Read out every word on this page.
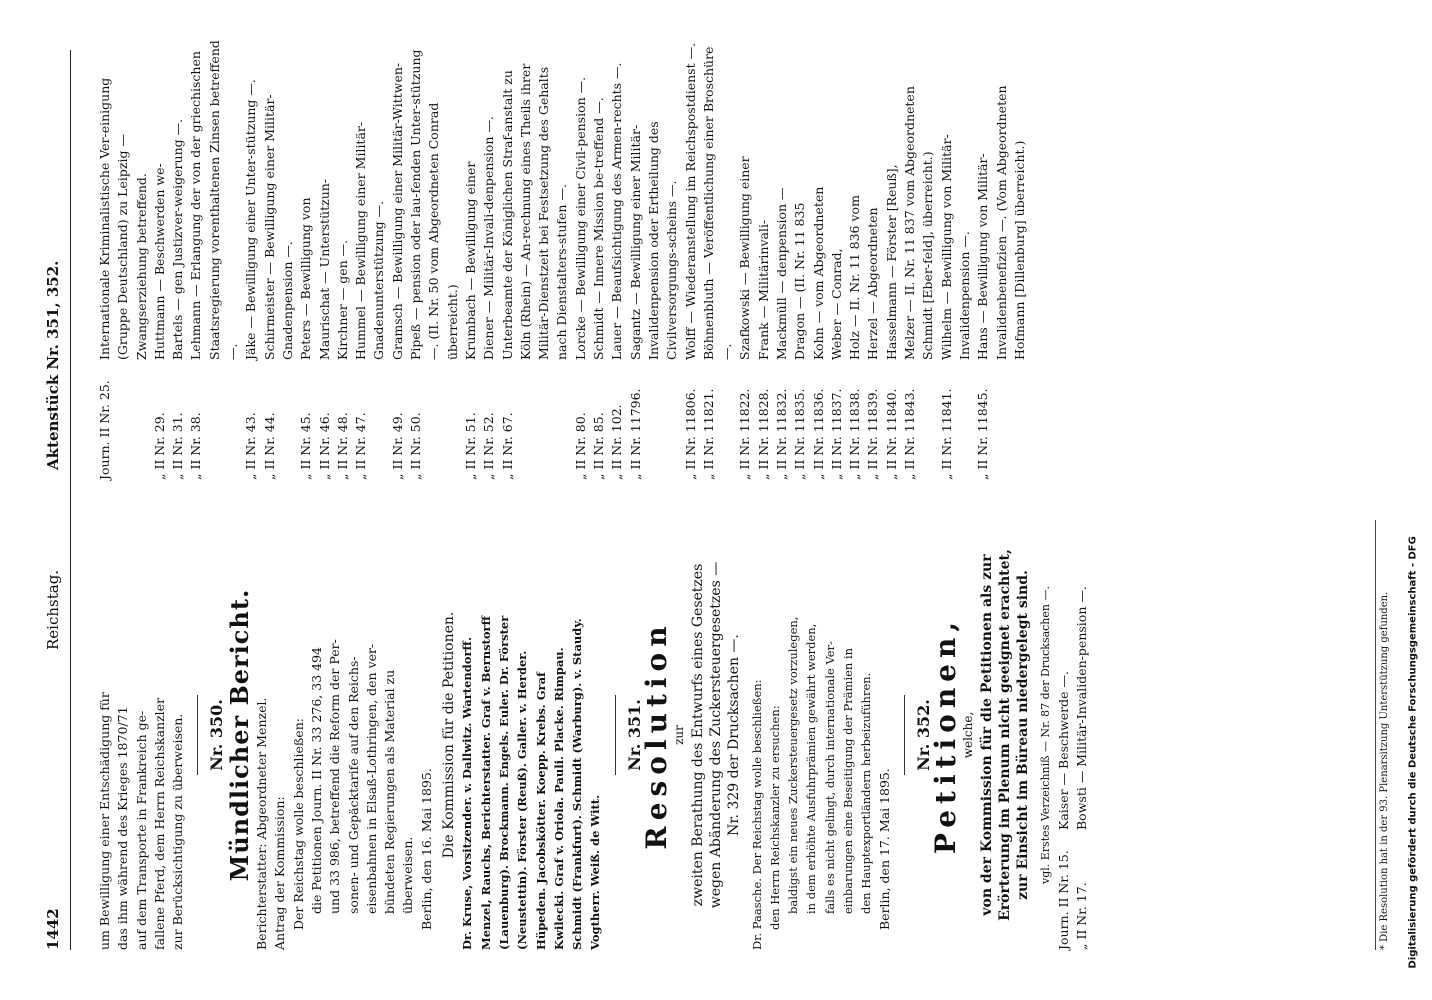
1442
Reichstag.
Aktenstück Nr. 351, 352.
um Bewilligung einer Entschädigung für das ihm während des Krieges 1870/71 auf dem Transporte in Frankreich ge- fallene Pferd, dem Herrn Reichskanzler zur Berücksichtigung zu überweisen. Nr. 350.
Mündlicher Bericht. Berichterstatter: Abgeordneter Menzel. Antrag der Kommission: Der Reichstag wolle beschließen: die Petitionen Journ. II Nr. 33 276, 33 494 und 33 986, betreffend die Reform der Per- sonen- und Gepäcktarife auf den Reichs- eisenbahnen in Elsaß-Lothringen, den ver- bündeten Regierungen als Material zu überweisen. Berlin, den 16. Mai 1895. Die Kommission für die Petitionen. Dr. Kruse, Vorsitzender. v. Dallwitz. Wartendorff. Menzel, Rauchs, Berichterstatter. Graf v. Bernstorff (Lauenburg). Brockmann. Engels. Euler. Dr. Förster (Neustettin). Förster (Reuß). Galler. v. Herder. Hüpeden. Jacobskötter. Koepp. Krebs. Graf Kwilecki. Graf v. Oriola. Pauli. Placke. Rimpau. Schmidt (Frankfurt). Schmidt (Warburg). v. Staudy. Vogtherr. Weiß. de Witt.
Nr. 351.
Resolution zur zweiten Berathung des Entwurfs eines Gesetzes wegen Abänderung des Zuckersteuergesetzes — Nr. 329 der Drucksachen —. Dr. Paasche. Der Reichstag wolle beschließen: den Herrn Reichskanzler zu ersuchen: baldigst ein neues Zuckersteuergesetz vorzulegen, in dem erhöhte Ausfuhrprämien gewährt werden, falls es nicht gelingt, durch internationale Ver- einbarungen eine Beseitigung der Prämien in den Hauptexportländern herbeizuführen. Berlin, den 17. Mai 1895.
Nr. 352.
Petitionen, welche, von der Kommission für die Petitionen als zur Erörterung im Plenum nicht geeignet erachtet, zur Einsicht im Büreau niedergelegt sind. vgl. Erstes Verzeichniß — Nr. 87 der Drucksachen —.
Journ. II Nr. 15.
Kaiser — Beschwerde —.
„ II Nr. 17.
Bowsti — Militär-Invaliden-pension —.	* Die Resolution hat in der 93. Plenarsitzung Unterstützung gefunden.
Journ. II Nr. 25.
Internationale Kriminalistische Ver-einigung (Gruppe Deutschland) zu Leipzig — Zwangserziehung betreffend.
„ II Nr. 29.
Huttmann — Beschwerden we-
„ II Nr. 31.
Bartels — gen Justizver-weigerung —.
„ II Nr. 38.
Lehmann — Erlangung der von der griechischen Staatsregierung vorenthaltenen Zinsen betreffend —.
„ II Nr. 43.
Jäke — Bewilligung einer Unter-stützung —.
„ II Nr. 44.
Schirmeister — Bewilligung einer Militär-Gnadenpension —.
„ II Nr. 45.
Peters — Bewilligung von
„ II Nr. 46.
Maurischat — Unterstützun-
„ II Nr. 48.
Kirchner — gen —.
„ II Nr. 47.
Hummel — Bewilligung einer Militär-Gnadenunterstützung —.
„ II Nr. 49.
Gramsch — Bewilligung einer Militär-Wittwen-
„ II Nr. 50.
Pipeß — pension oder lau-fenden Unter-stützung —. (II. Nr. 50 vom Abgeordneten Conrad überreicht.)
„ II Nr. 51.
Krumbach — Bewilligung einer
„ II Nr. 52.
Diener — Militär-Invali-denpension —.
„ II Nr. 67.
Unterbeamte der Königlichen Straf-anstalt zu Köln (Rhein) — An-rechnung eines Theils ihrer Militär-Dienstzeit bei Festsetzung des Gehalts nach Dienstalters-stufen —.
„ II Nr. 80.
Lorcke — Bewilligung einer Civil-pension —.
„ II Nr. 85.
Schmidt — Innere Mission be-treffend —.
„ II Nr. 102.
Lauer — Beaufsichtigung des Armen-rechts —.
„ II Nr. 11796.
Sagantz — Bewilligung einer Militär-Invalidenpension oder Ertheilung des Civilversorgungs-scheins —.
„ II Nr. 11806.
Wolff — Wiederanstellung im Reichspostdienst —.
„ II Nr. 11821.
Böhnenbluth — Veröffentlichung einer Broschüre —.
„ II Nr. 11822.
Szafkowski — Bewilligung einer
„ II Nr. 11828.
Frank — Militärinvali-
„ II Nr. 11832.
Mackmüll — denpension —
„ II Nr. 11835.
Dragon — (II. Nr. 11 835
„ II Nr. 11836.
Kohn — vom Abgeordneten
„ II Nr. 11837.
Weber — Conrad,
„ II Nr. 11838.
Holz — II. Nr. 11 836 vom
„ II Nr. 11839.
Herzel — Abgeordneten
„ II Nr. 11840.
Hasselmann — Förster [Reuß],
„ II Nr. 11843.
Melzer — II. Nr. 11 837 vom Abgeordneten Schmidt [Eber-feld], überreicht.)
„ II Nr. 11841.
Wilhelm — Bewilligung von Militär-Invalidenpension —.
„ II Nr. 11845.
Hans — Bewilligung von Militär-Invalidenbenefizien —. (Vom Abgeordneten Hofmann [Dillenburg] überreicht.)
Digitalisierung gefördert durch die Deutsche Forschungsgemeinschaft - DFG
